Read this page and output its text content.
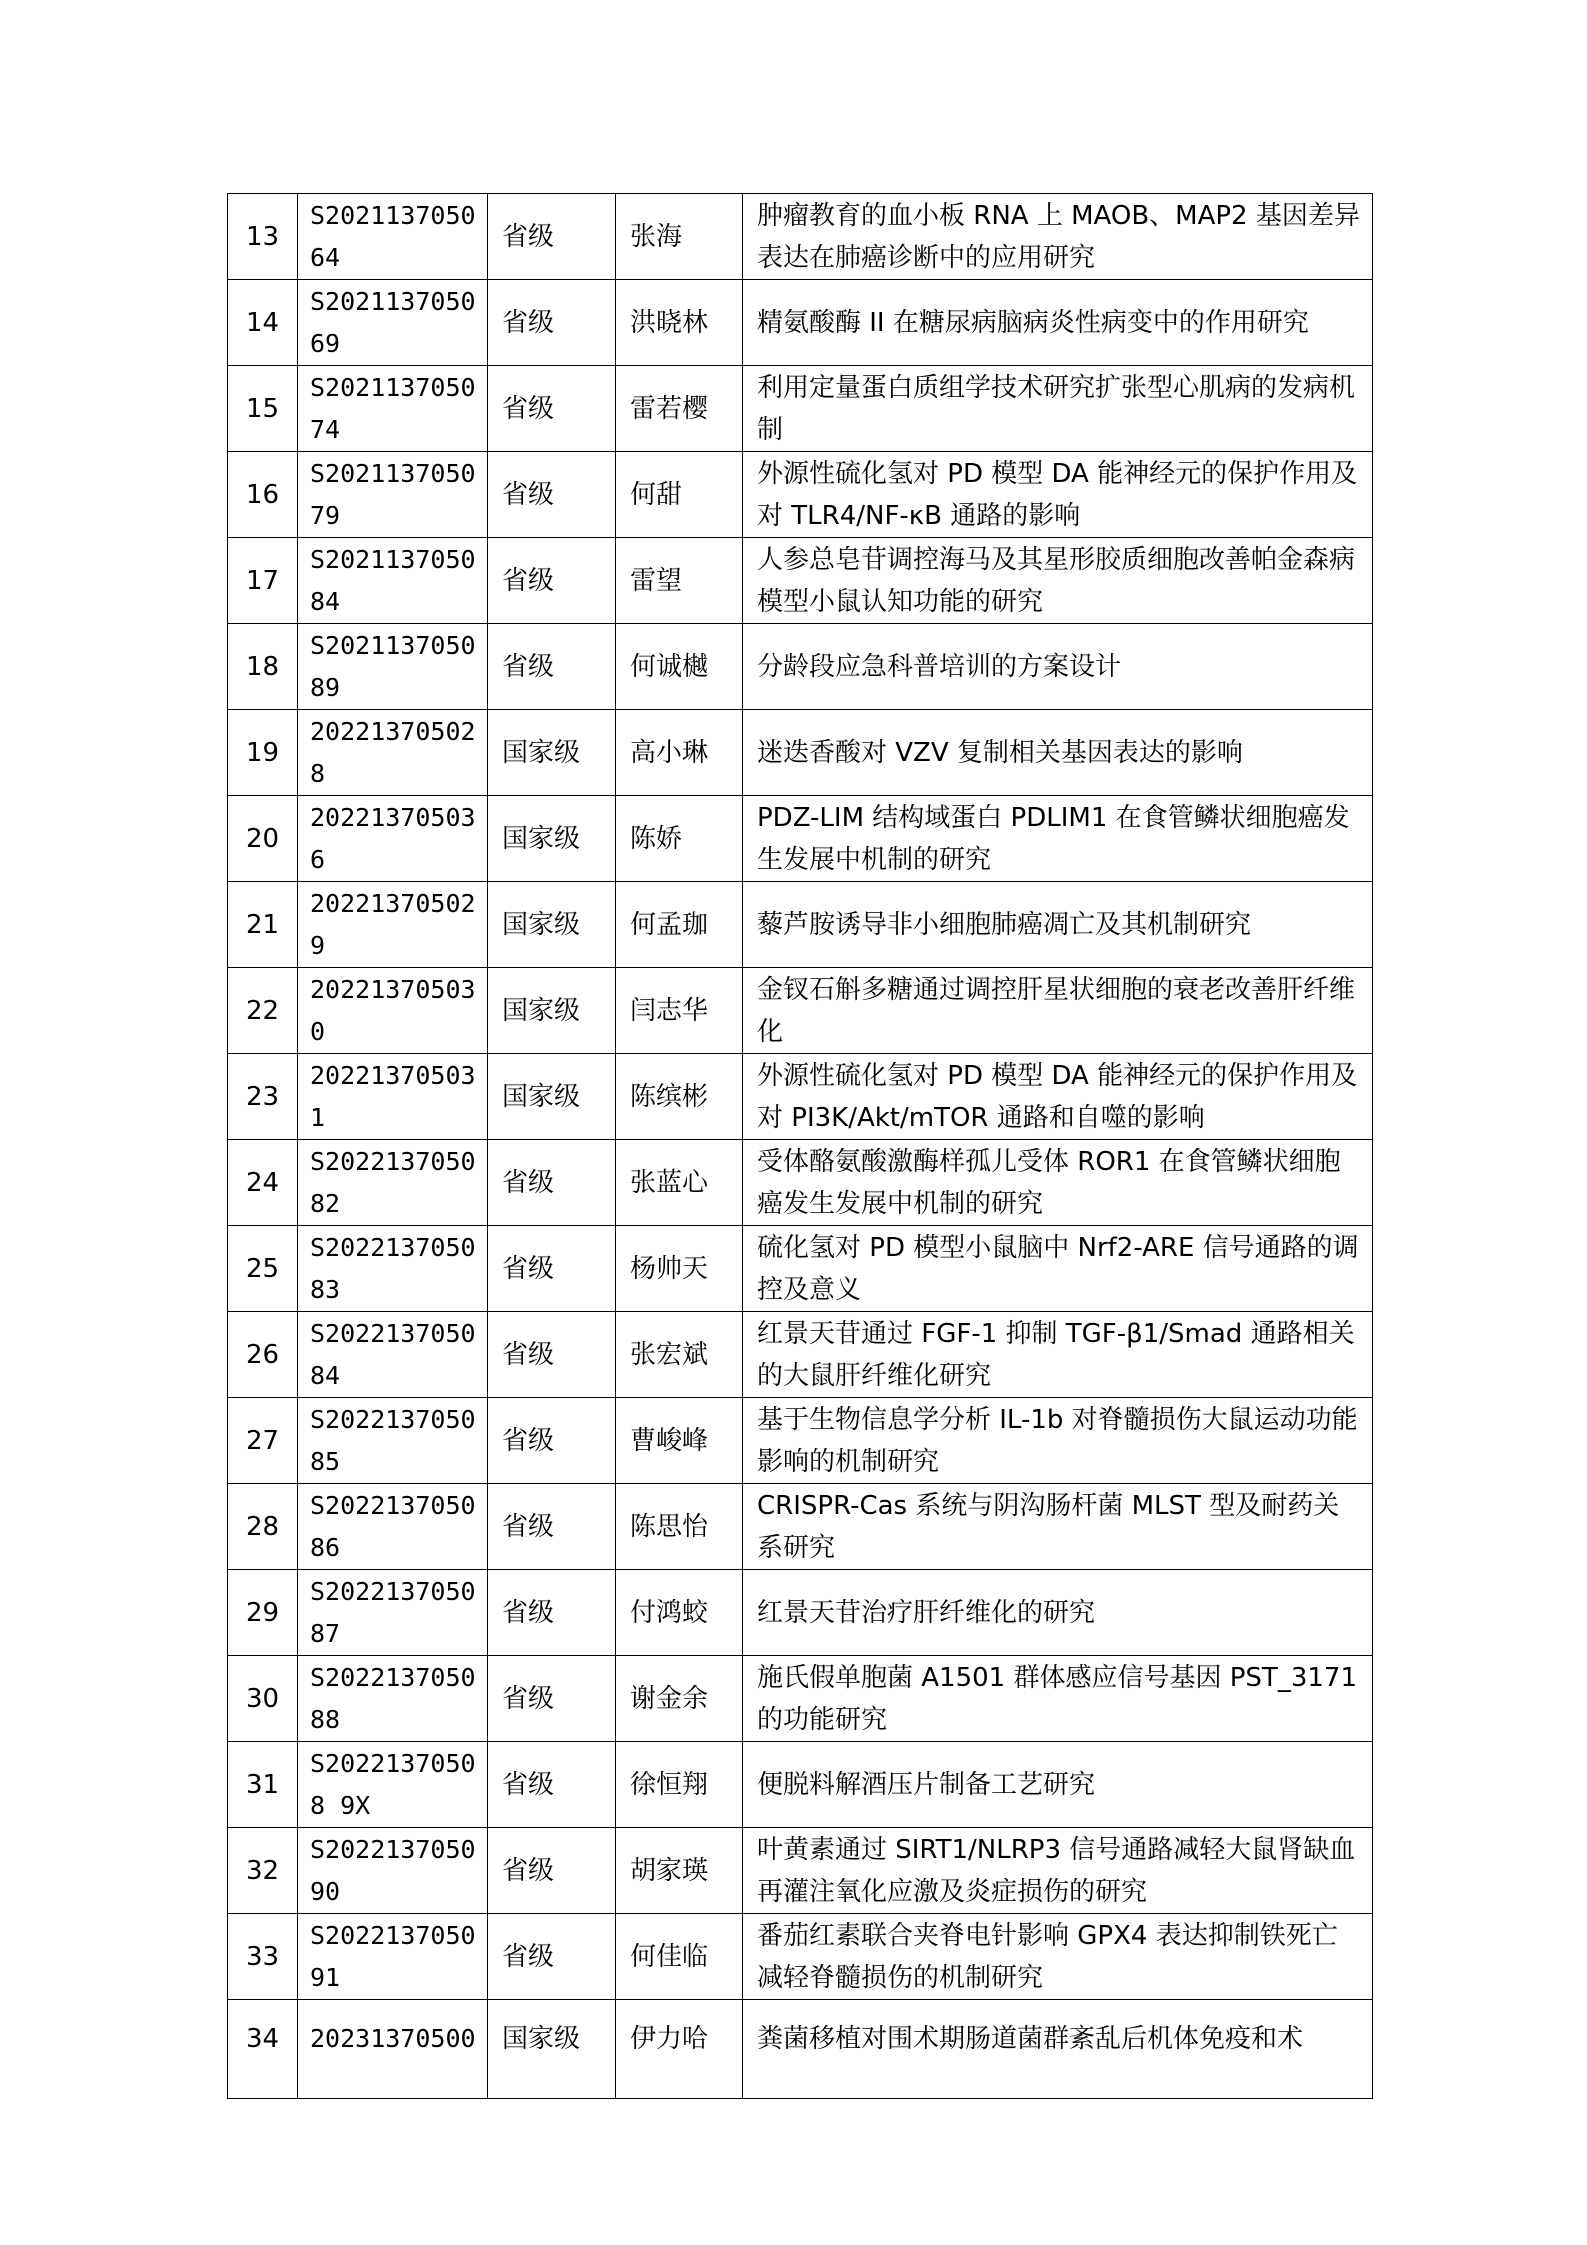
13	S202113705064	省级	张海	肿瘤教育的血小板 RNA 上 MAOB、MAP2 基因差异表达在肺癌诊断中的应用研究
14	S202113705069	省级	洪晓林	精氨酸酶 II 在糖尿病脑病炎性病变中的作用研究
15	S202113705074	省级	雷若樱	利用定量蛋白质组学技术研究扩张型心肌病的发病机制
16	S202113705079	省级	何甜	外源性硫化氢对 PD 模型 DA 能神经元的保护作用及对 TLR4/NF-κB 通路的影响
17	S202113705084	省级	雷望	人参总皂苷调控海马及其星形胶质细胞改善帕金森病模型小鼠认知功能的研究
18	S202113705089	省级	何诚樾	分龄段应急科普培训的方案设计
19	202213705028	国家级	高小琳	迷迭香酸对 VZV 复制相关基因表达的影响
20	202213705036	国家级	陈娇	PDZ-LIM 结构域蛋白 PDLIM1 在食管鳞状细胞癌发生发展中机制的研究
21	202213705029	国家级	何孟珈	藜芦胺诱导非小细胞肺癌凋亡及其机制研究
22	202213705030	国家级	闫志华	金钗石斛多糖通过调控肝星状细胞的衰老改善肝纤维化
23	202213705031	国家级	陈缤彬	外源性硫化氢对 PD 模型 DA 能神经元的保护作用及对 PI3K/Akt/mTOR 通路和自噬的影响
24	S202213705082	省级	张蓝心	受体酪氨酸激酶样孤儿受体 ROR1 在食管鳞状细胞癌发生发展中机制的研究
25	S202213705083	省级	杨帅天	硫化氢对 PD 模型小鼠脑中 Nrf2-ARE 信号通路的调控及意义
26	S202213705084	省级	张宏斌	红景天苷通过 FGF-1 抑制 TGF-β1/Smad 通路相关的大鼠肝纤维化研究
27	S202213705085	省级	曹峻峰	基于生物信息学分析 IL-1b 对脊髓损伤大鼠运动功能影响的机制研究
28	S202213705086	省级	陈思怡	CRISPR-Cas 系统与阴沟肠杆菌 MLST 型及耐药关系研究
29	S202213705087	省级	付鸿蛟	红景天苷治疗肝纤维化的研究
30	S202213705088	省级	谢金余	施氏假单胞菌 A1501 群体感应信号基因 PST_3171 的功能研究
31	S20221370508 9X	省级	徐恒翔	便脱料解酒压片制备工艺研究
32	S202213705090	省级	胡家瑛	叶黄素通过 SIRT1/NLRP3 信号通路减轻大鼠肾缺血再灌注氧化应激及炎症损伤的研究
33	S202213705091	省级	何佳临	番茄红素联合夹脊电针影响 GPX4 表达抑制铁死亡减轻脊髓损伤的机制研究
34	20231370500	国家级	伊力哈	粪菌移植对围术期肠道菌群紊乱后机体免疫和术
